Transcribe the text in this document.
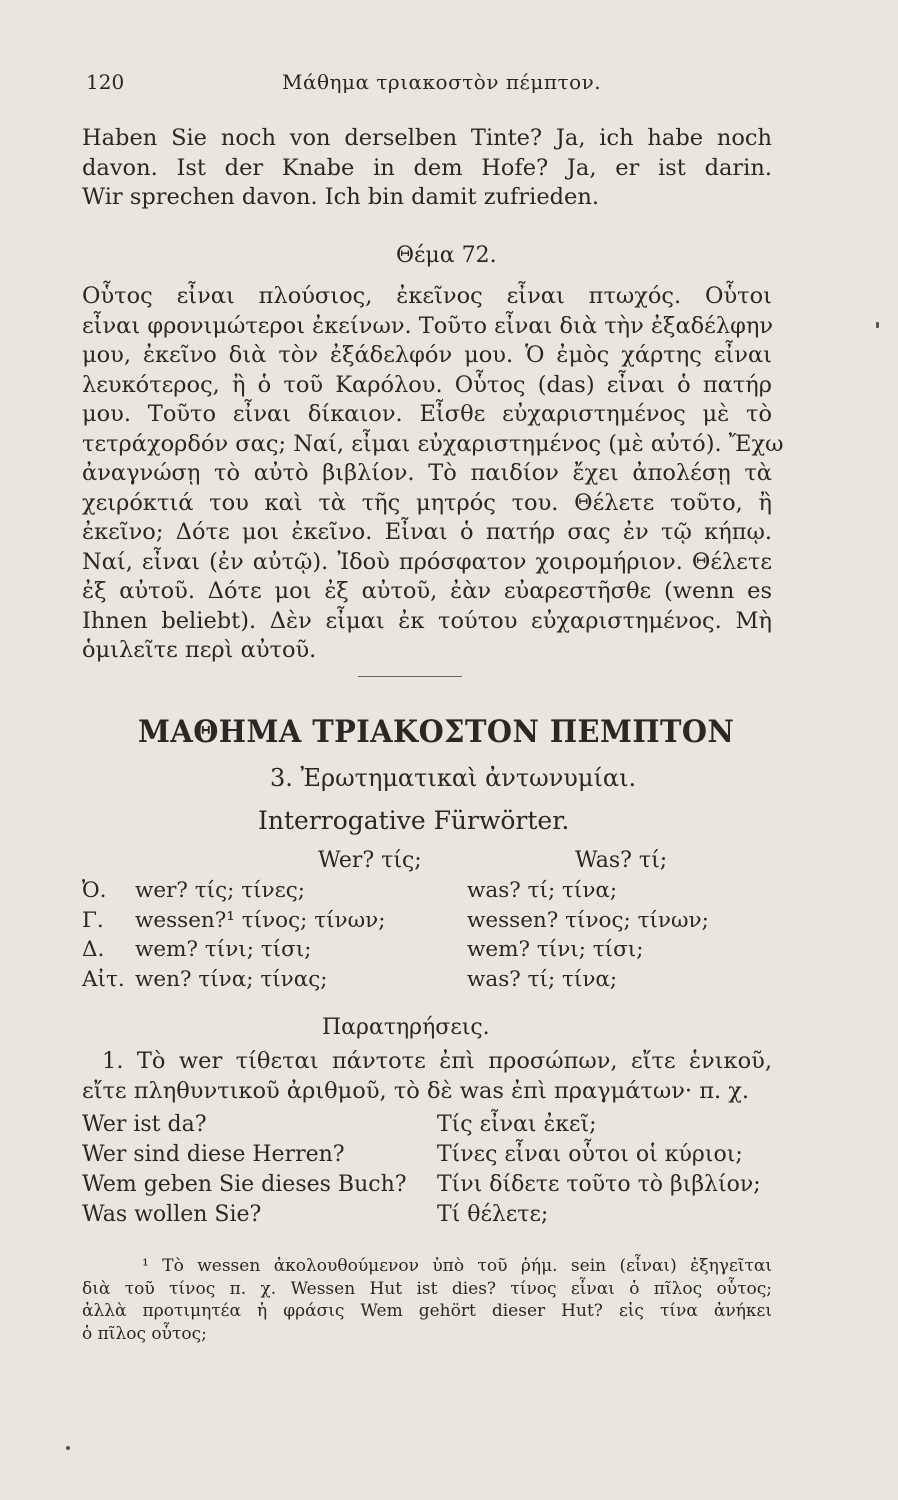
120	Μάθημα τριακοστὸν πέμπτον.
Haben Sie noch von derselben Tinte? Ja, ich habe noch
davon. Ist der Knabe in dem Hofe? Ja, er ist darin.
Wir sprechen davon. Ich bin damit zufrieden.
Θέμα 72.
Οὗτος εἶναι πλούσιος, ἐκεῖνος εἶναι πτωχός. Οὗτοι
εἶναι φρονιμώτεροι ἐκείνων. Τοῦτο εἶναι διὰ τὴν ἐξαδέλφην
μου, ἐκεῖνο διὰ τὸν ἐξάδελφόν μου. Ὁ ἐμὸς χάρτης εἶναι
λευκότερος, ἢ ὁ τοῦ Καρόλου. Οὗτος (das) εἶναι ὁ πατήρ
μου. Τοῦτο εἶναι δίκαιον. Εἶσθε εὐχαριστημένος μὲ τὸ
τετράχορδόν σας; Ναί, εἶμαι εὐχαριστημένος (μὲ αὐτό). Ἔχω
ἀναγνώσῃ τὸ αὐτὸ βιβλίον. Τὸ παιδίον ἔχει ἀπολέσῃ τὰ
χειρόκτιά του καὶ τὰ τῆς μητρός του. Θέλετε τοῦτο, ἢ
ἐκεῖνο; Δότε μοι ἐκεῖνο. Εἶναι ὁ πατήρ σας ἐν τῷ κήπῳ.
Ναί, εἶναι (ἐν αὐτῷ). Ἰδοὺ πρόσφατον χοιρομήριον. Θέλετε
ἐξ αὐτοῦ. Δότε μοι ἐξ αὐτοῦ, ἐὰν εὐαρεστῆσθε (wenn es
Ihnen beliebt). Δὲν εἶμαι ἐκ τούτου εὐχαριστημένος. Μὴ
ὁμιλεῖτε περὶ αὐτοῦ.
ΜΑΘΗΜΑ ΤΡΙΑΚΟΣΤΟΝ ΠΕΜΠΤΟΝ
3. Ἐρωτηματικαὶ ἀντωνυμίαι.
Interrogative Fürwörter.
Wer? τίς;	Was? τί;
Ὀ. wer? τίς; τίνες;
Γ. wessen?¹ τίνος; τίνων;
Δ. wem? τίνι; τίσι;
Αἰτ. wen? τίνα; τίνας;
was? τί; τίνα;
wessen? τίνος; τίνων;
wem? τίνι; τίσι;
was? τί; τίνα;
Παρατηρήσεις.
1. Τὸ wer τίθεται πάντοτε ἐπὶ προσώπων, εἴτε ἑνικοῦ,
εἴτε πληθυντικοῦ ἀριθμοῦ, τὸ δὲ was ἐπὶ πραγμάτων· π. χ.
Wer ist da?
Wer sind diese Herren?
Wem geben Sie dieses Buch?
Was wollen Sie?
Τίς εἶναι ἐκεῖ;
Τίνες εἶναι οὗτοι οἱ κύριοι;
Τίνι δίδετε τοῦτο τὸ βιβλίον;
Τί θέλετε;
¹ Τὸ wessen ἀκολουθούμενον ὑπὸ τοῦ ῥήμ. sein (εἶναι) ἐξηγεῖται
διὰ τοῦ τίνος π. χ. Wessen Hut ist dies? τίνος εἶναι ὁ πῖλος οὗτος;
ἀλλὰ προτιμητέα ἡ φράσις Wem gehört dieser Hut? εἰς τίνα ἀνήκει
ὁ πῖλος οὗτος;
